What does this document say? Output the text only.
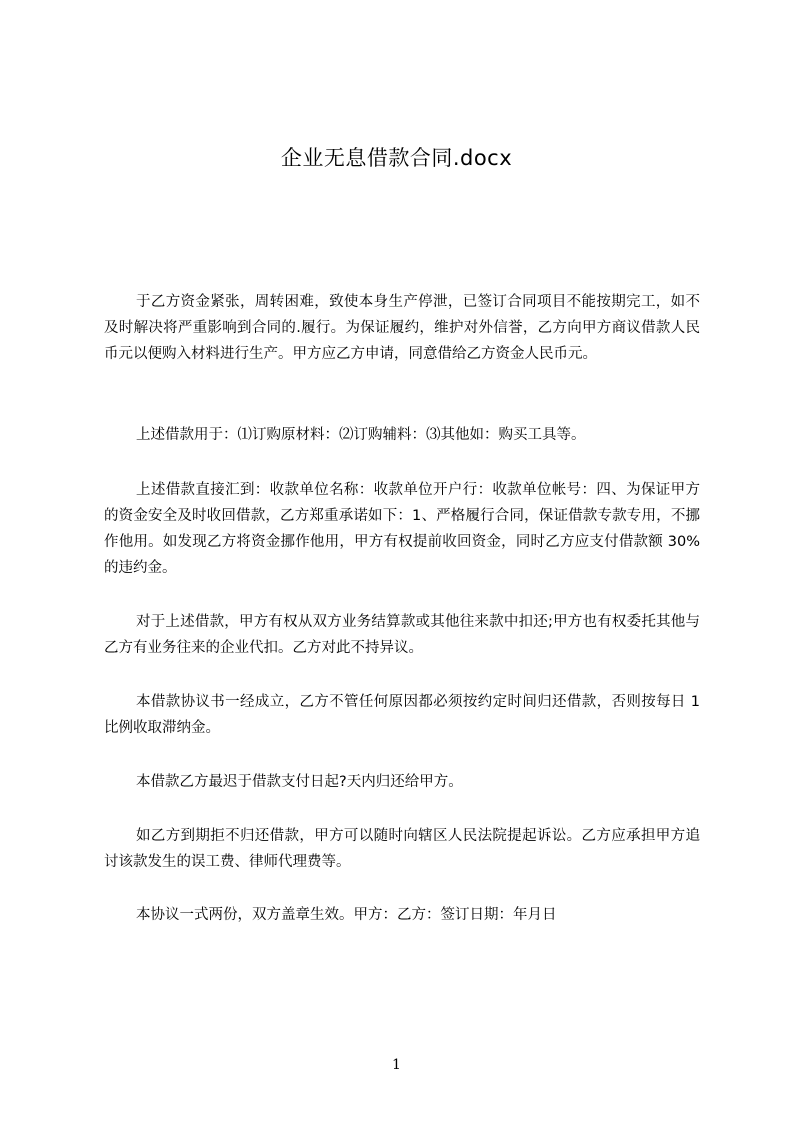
企业无息借款合同.docx

于乙方资金紧张，周转困难，致使本身生产停泄，已签订合同项目不能按期完工，如不及时解决将严重影响到合同的.履行。为保证履约，维护对外信誉，乙方向甲方商议借款人民币元以便购入材料进行生产。甲方应乙方申请，同意借给乙方资金人民币元。

上述借款用于：⑴订购原材料：⑵订购辅料：⑶其他如：购买工具等。

上述借款直接汇到：收款单位名称：收款单位开户行：收款单位帐号：四、为保证甲方的资金安全及时收回借款，乙方郑重承诺如下：1、严格履行合同，保证借款专款专用，不挪作他用。如发现乙方将资金挪作他用，甲方有权提前收回资金，同时乙方应支付借款额 30%的违约金。

对于上述借款，甲方有权从双方业务结算款或其他往来款中扣还;甲方也有权委托其他与乙方有业务往来的企业代扣。乙方对此不持异议。

本借款协议书一经成立，乙方不管任何原因都必须按约定时间归还借款，否则按每日 1 比例收取滞纳金。

本借款乙方最迟于借款支付日起?天内归还给甲方。

如乙方到期拒不归还借款，甲方可以随时向辖区人民法院提起诉讼。乙方应承担甲方追讨该款发生的误工费、律师代理费等。

本协议一式两份，双方盖章生效。甲方：乙方：签订日期：年月日

1
